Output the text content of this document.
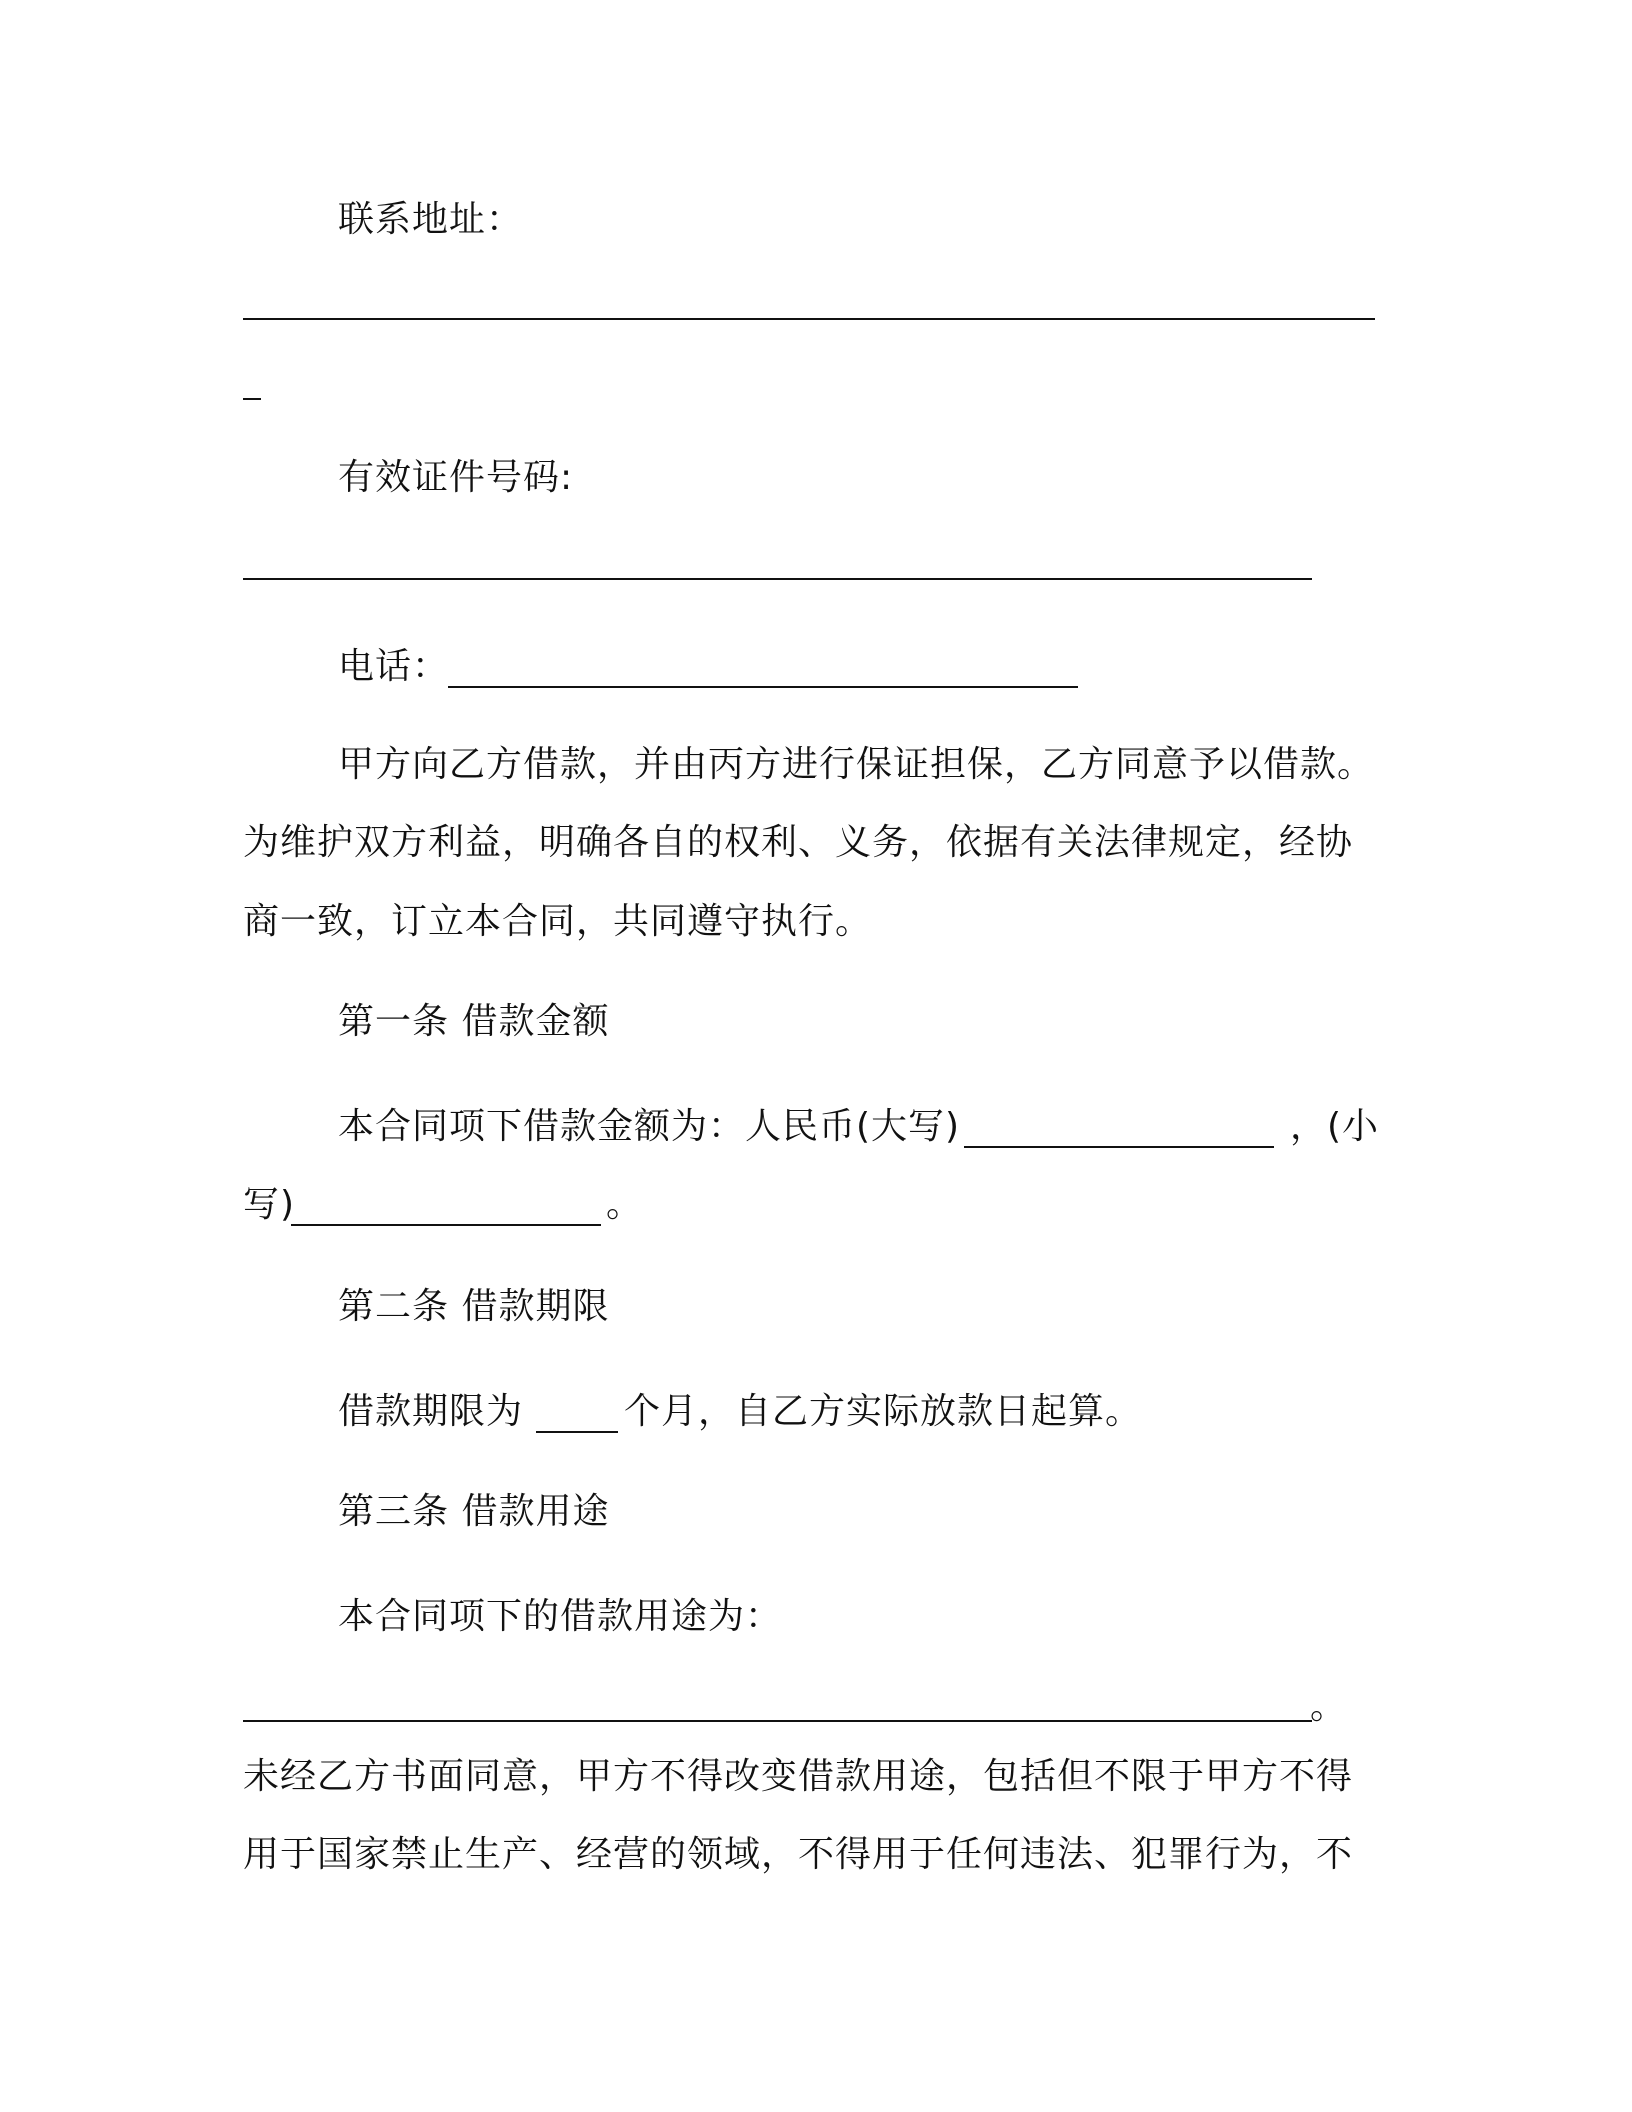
联系地址：
有效证件号码:
电话：
甲方向乙方借款，并由丙方进行保证担保，乙方同意予以借款。
为维护双方利益，明确各自的权利、义务，依据有关法律规定，经协
商一致，订立本合同，共同遵守执行。
第一条 借款金额
本合同项下借款金额为：人民币(大写)	，(小
写)	。
第二条 借款期限
借款期限为	个月，自乙方实际放款日起算。
第三条 借款用途
本合同项下的借款用途为：
。
未经乙方书面同意，甲方不得改变借款用途，包括但不限于甲方不得
用于国家禁止生产、经营的领域，不得用于任何违法、犯罪行为，不
